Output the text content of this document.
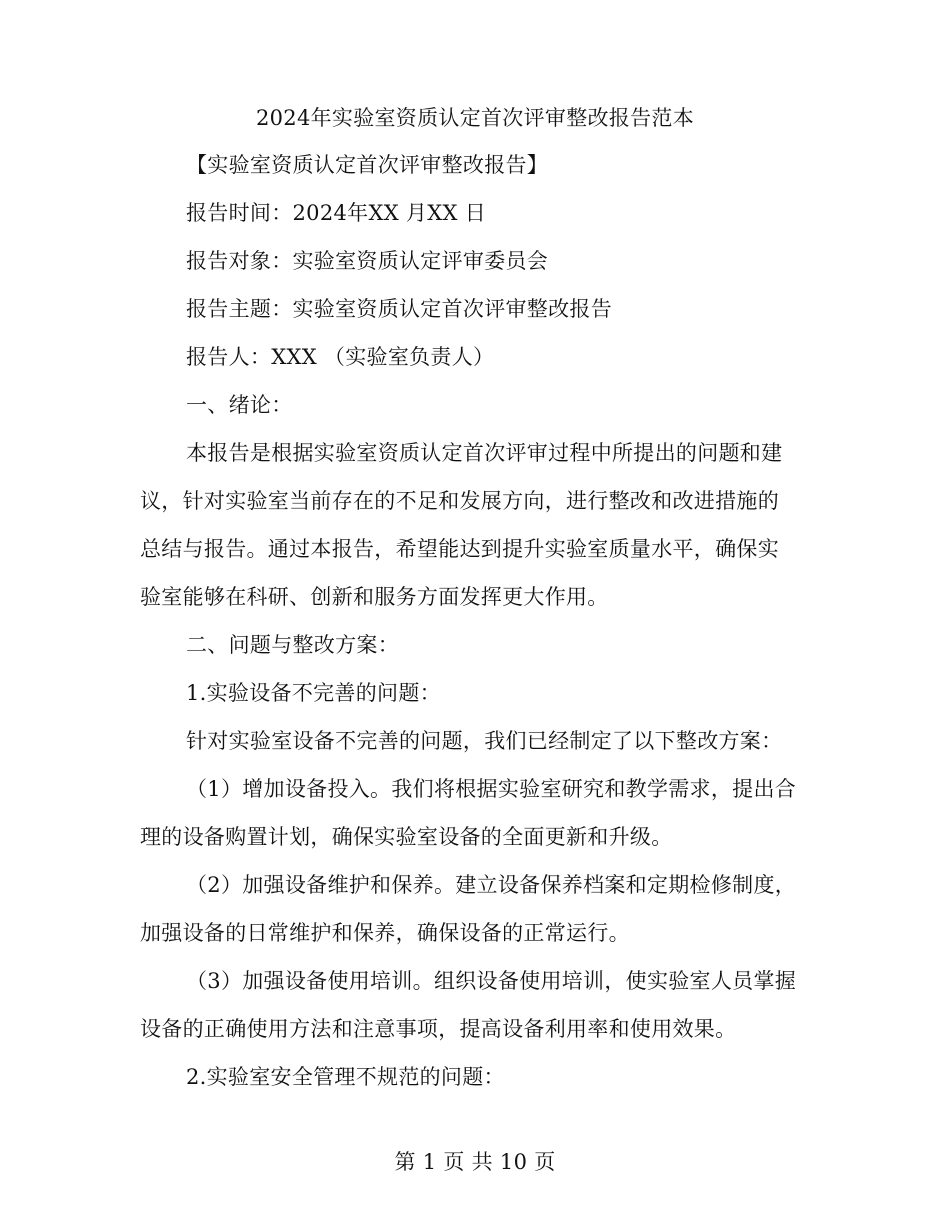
2024年实验室资质认定首次评审整改报告范本
【实验室资质认定首次评审整改报告】
报告时间：2024年XX 月XX 日
报告对象：实验室资质认定评审委员会
报告主题：实验室资质认定首次评审整改报告
报告人：XXX （实验室负责人）
一、绪论：
本报告是根据实验室资质认定首次评审过程中所提出的问题和建
议，针对实验室当前存在的不足和发展方向，进行整改和改进措施的
总结与报告。通过本报告，希望能达到提升实验室质量水平，确保实
验室能够在科研、创新和服务方面发挥更大作用。
二、问题与整改方案：
1.实验设备不完善的问题：
针对实验室设备不完善的问题，我们已经制定了以下整改方案：
（1）增加设备投入。我们将根据实验室研究和教学需求，提出合
理的设备购置计划，确保实验室设备的全面更新和升级。
（2）加强设备维护和保养。建立设备保养档案和定期检修制度，
加强设备的日常维护和保养，确保设备的正常运行。
（3）加强设备使用培训。组织设备使用培训，使实验室人员掌握
设备的正确使用方法和注意事项，提高设备利用率和使用效果。
2.实验室安全管理不规范的问题：
第 1 页 共 10 页
